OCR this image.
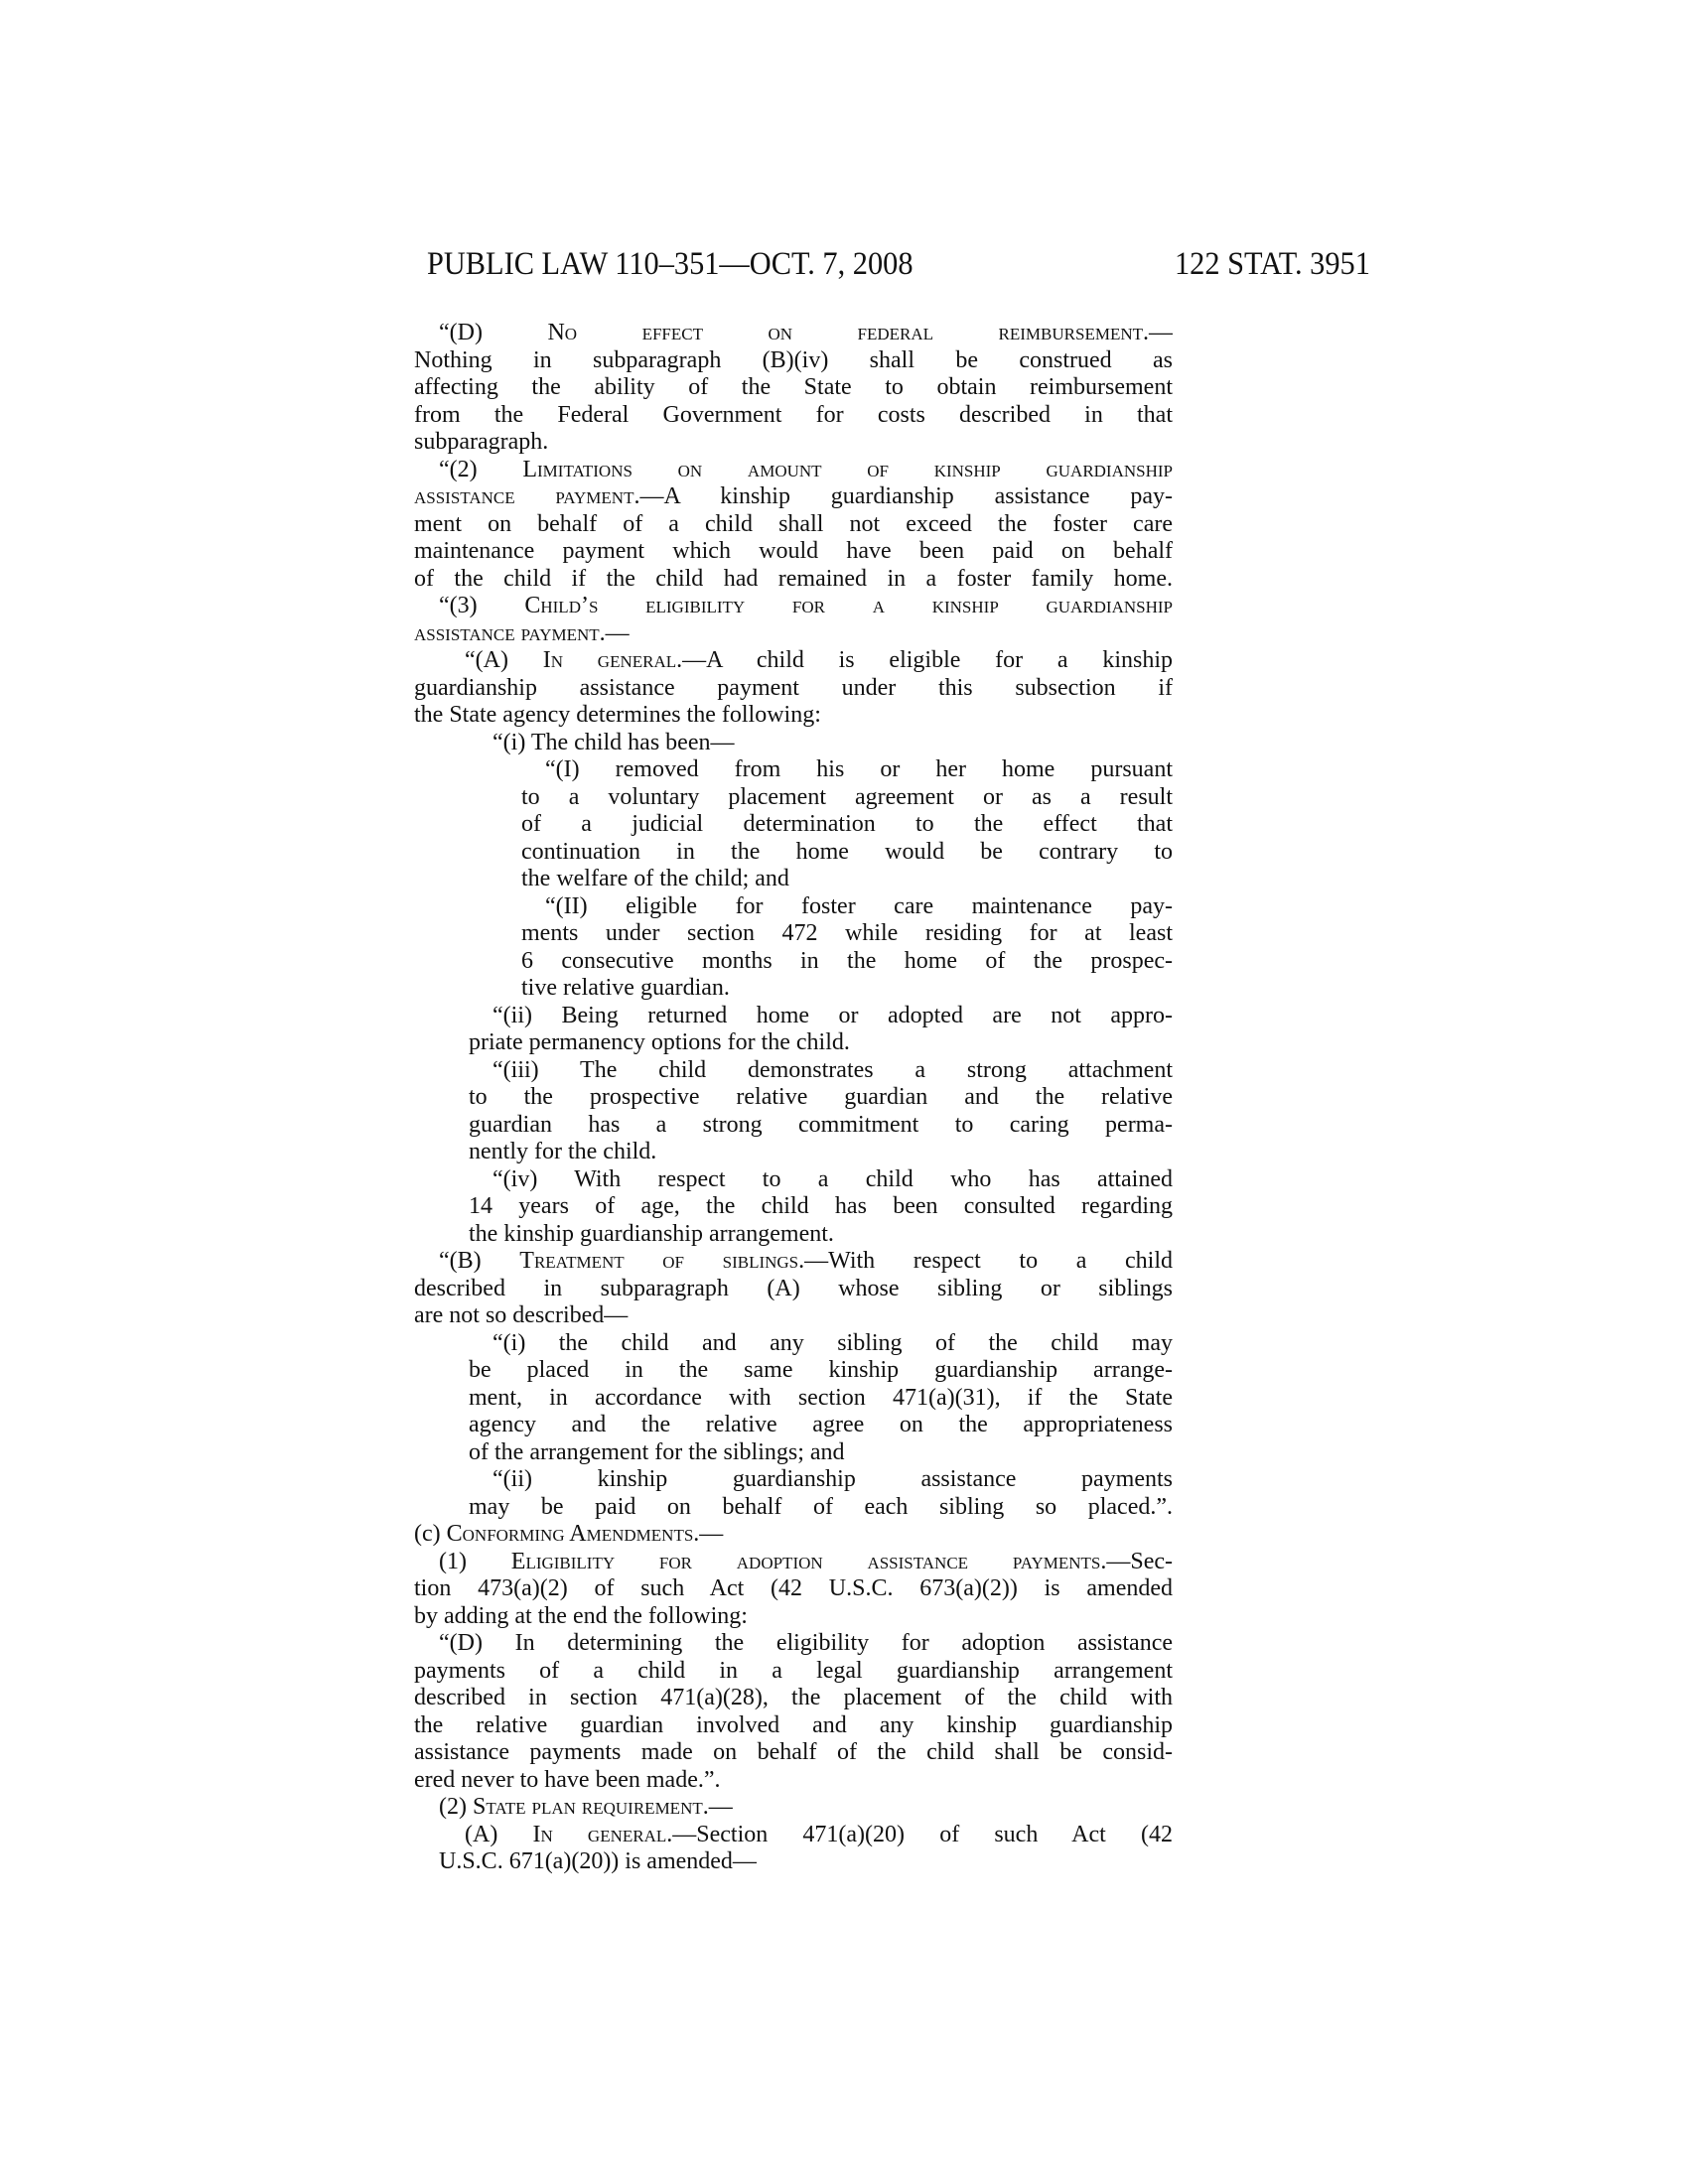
PUBLIC LAW 110–351—OCT. 7, 2008	122 STAT. 3951
“(D) No effect on federal reimbursement.—
Nothing in subparagraph (B)(iv) shall be construed as
affecting the ability of the State to obtain reimbursement
from the Federal Government for costs described in that
subparagraph.
“(2) Limitations on amount of kinship guardianship
assistance payment.—A kinship guardianship assistance pay-
ment on behalf of a child shall not exceed the foster care
maintenance payment which would have been paid on behalf
of the child if the child had remained in a foster family home.
“(3) Child’s eligibility for a kinship guardianship
assistance payment.—
“(A) In general.—A child is eligible for a kinship
guardianship assistance payment under this subsection if
the State agency determines the following:
“(i) The child has been—
“(I) removed from his or her home pursuant
to a voluntary placement agreement or as a result
of a judicial determination to the effect that
continuation in the home would be contrary to
the welfare of the child; and
“(II) eligible for foster care maintenance pay-
ments under section 472 while residing for at least
6 consecutive months in the home of the prospec-
tive relative guardian.
“(ii) Being returned home or adopted are not appro-
priate permanency options for the child.
“(iii) The child demonstrates a strong attachment
to the prospective relative guardian and the relative
guardian has a strong commitment to caring perma-
nently for the child.
“(iv) With respect to a child who has attained
14 years of age, the child has been consulted regarding
the kinship guardianship arrangement.
“(B) Treatment of siblings.—With respect to a child
described in subparagraph (A) whose sibling or siblings
are not so described—
“(i) the child and any sibling of the child may
be placed in the same kinship guardianship arrange-
ment, in accordance with section 471(a)(31), if the State
agency and the relative agree on the appropriateness
of the arrangement for the siblings; and
“(ii) kinship guardianship assistance payments
may be paid on behalf of each sibling so placed.”.
(c) Conforming Amendments.—
(1) Eligibility for adoption assistance payments.—Sec-
tion 473(a)(2) of such Act (42 U.S.C. 673(a)(2)) is amended
by adding at the end the following:
“(D) In determining the eligibility for adoption assistance
payments of a child in a legal guardianship arrangement
described in section 471(a)(28), the placement of the child with
the relative guardian involved and any kinship guardianship
assistance payments made on behalf of the child shall be consid-
ered never to have been made.”.
(2) State plan requirement.—
(A) In general.—Section 471(a)(20) of such Act (42
U.S.C. 671(a)(20)) is amended—
